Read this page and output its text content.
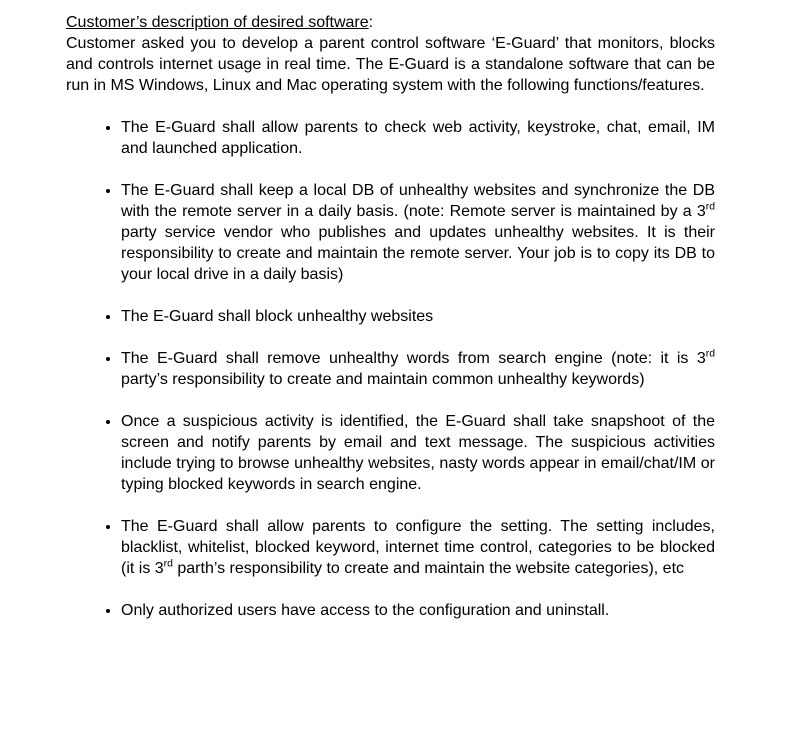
Customer’s description of desired software:

Customer asked you to develop a parent control software ‘E-Guard’ that monitors, blocks and controls internet usage in real time. The E-Guard is a standalone software that can be run in MS Windows, Linux and Mac operating system with the following functions/features.

• The E-Guard shall allow parents to check web activity, keystroke, chat, email, IM and launched application.
• The E-Guard shall keep a local DB of unhealthy websites and synchronize the DB with the remote server in a daily basis. (note: Remote server is maintained by a 3rd party service vendor who publishes and updates unhealthy websites. It is their responsibility to create and maintain the remote server. Your job is to copy its DB to your local drive in a daily basis)
• The E-Guard shall block unhealthy websites
• The E-Guard shall remove unhealthy words from search engine (note: it is 3rd party’s responsibility to create and maintain common unhealthy keywords)
• Once a suspicious activity is identified, the E-Guard shall take snapshoot of the screen and notify parents by email and text message. The suspicious activities include trying to browse unhealthy websites, nasty words appear in email/chat/IM or typing blocked keywords in search engine.
• The E-Guard shall allow parents to configure the setting. The setting includes, blacklist, whitelist, blocked keyword, internet time control, categories to be blocked (it is 3rd parth’s responsibility to create and maintain the website categories), etc
• Only authorized users have access to the configuration and uninstall.
